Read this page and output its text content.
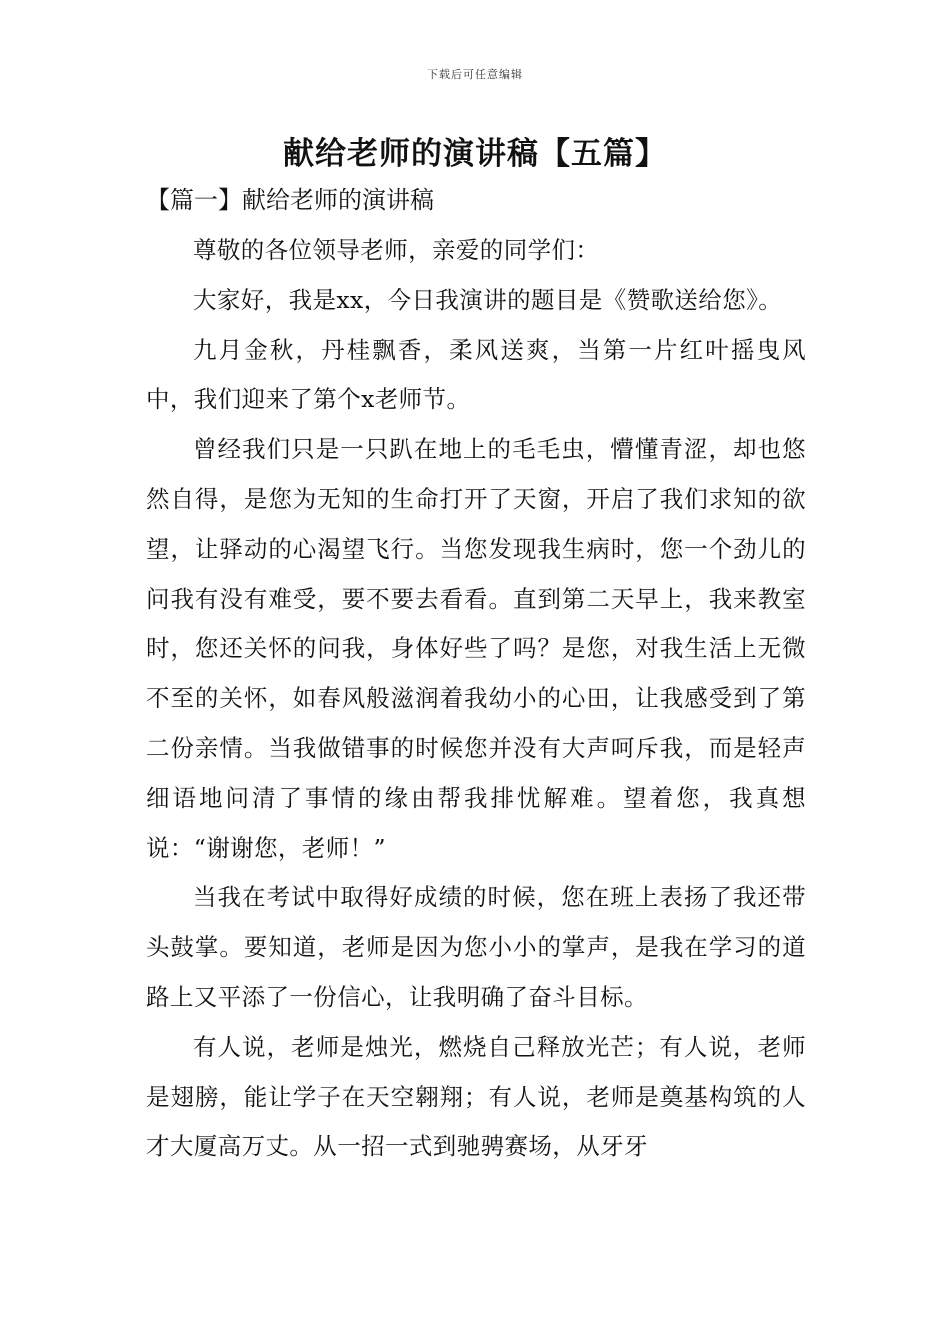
下载后可任意编辑
献给老师的演讲稿【五篇】
【篇一】献给老师的演讲稿

尊敬的各位领导老师，亲爱的同学们：

大家好，我是xx，今日我演讲的题目是《赞歌送给您》。

九月金秋，丹桂飘香，柔风送爽，当第一片红叶摇曳风中，我们迎来了第个x老师节。

曾经我们只是一只趴在地上的毛毛虫，懵懂青涩，却也悠然自得，是您为无知的生命打开了天窗，开启了我们求知的欲望，让驿动的心渴望飞行。当您发现我生病时，您一个劲儿的问我有没有难受，要不要去看看。直到第二天早上，我来教室时，您还关怀的问我，身体好些了吗？是您，对我生活上无微不至的关怀，如春风般滋润着我幼小的心田，让我感受到了第二份亲情。当我做错事的时候您并没有大声呵斥我，而是轻声细语地问清了事情的缘由帮我排忧解难。望着您，我真想说：“谢谢您，老师！”

当我在考试中取得好成绩的时候，您在班上表扬了我还带头鼓掌。要知道，老师是因为您小小的掌声，是我在学习的道路上又平添了一份信心，让我明确了奋斗目标。

有人说，老师是烛光，燃烧自己释放光芒；有人说，老师是翅膀，能让学子在天空翱翔；有人说，老师是奠基构筑的人才大厦高万丈。从一招一式到驰骋赛场，从牙牙
